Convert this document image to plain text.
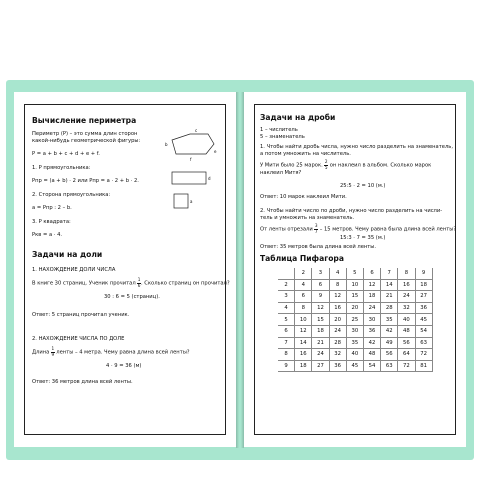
Вычисление периметра
Периметр (P) – это сумма длин сторон
какой-нибудь геометрической фигуры:
P = a + b + c + d + e + f.
1. P прямоугольника:
Pпр = (a + b) · 2 или Pпр = a · 2 + b · 2.
2. Сторона прямоугольника:
a = Pпр : 2 – b.
3. P квадрата:
Pкв = a · 4.
c
b
e
f
d
a
Задачи на доли
1. НАХОЖДЕНИЕ ДОЛИ ЧИСЛА
В книге 30 страниц. Ученик прочитал $\frac{1}{6}$ . Сколько страниц он прочитал?
30 : 6 = 5 (страниц).
Ответ: 5 страниц прочитал ученик.
2. НАХОЖДЕНИЕ ЧИСЛА ПО ДОЛЕ
Длина $\frac{1}{9}$ ленты – 4 метра. Чему равна длина всей ленты?
4 · 9 = 36 (м)
Ответ: 36 метров длина всей ленты.
Задачи на дроби
1 – числитель
5 – знаменатель
1. Чтобы найти дробь числа, нужно число разделить на знаменатель,
а потом умножить на числитель.
У Мити было 25 марок. $\frac{2}{5}$ он наклеил в альбом. Сколько марок
наклеил Митя?
25:5 · 2 = 10 (м.)
Ответ: 10 марок наклеил Мити.
2. Чтобы найти число по дроби, нужно число разделить на числи-
тель и умножить на знаменатель.
От ленты отрезали $\frac{3}{7} - 15$ метров. Чему равна была длина всей ленты?
15:3 · 7 = 35 (м.)
Ответ: 35 метров была длина всей ленты.
Таблица Пифагора
	2	3	4	5	6	7	8	9
2	4	6	8	10	12	14	16	18
3	6	9	12	15	18	21	24	27
4	8	12	16	20	24	28	32	36
5	10	15	20	25	30	35	40	45
6	12	18	24	30	36	42	48	54
7	14	21	28	35	42	49	56	63
8	16	24	32	40	48	56	64	72
9	18	27	36	45	54	63	72	81
